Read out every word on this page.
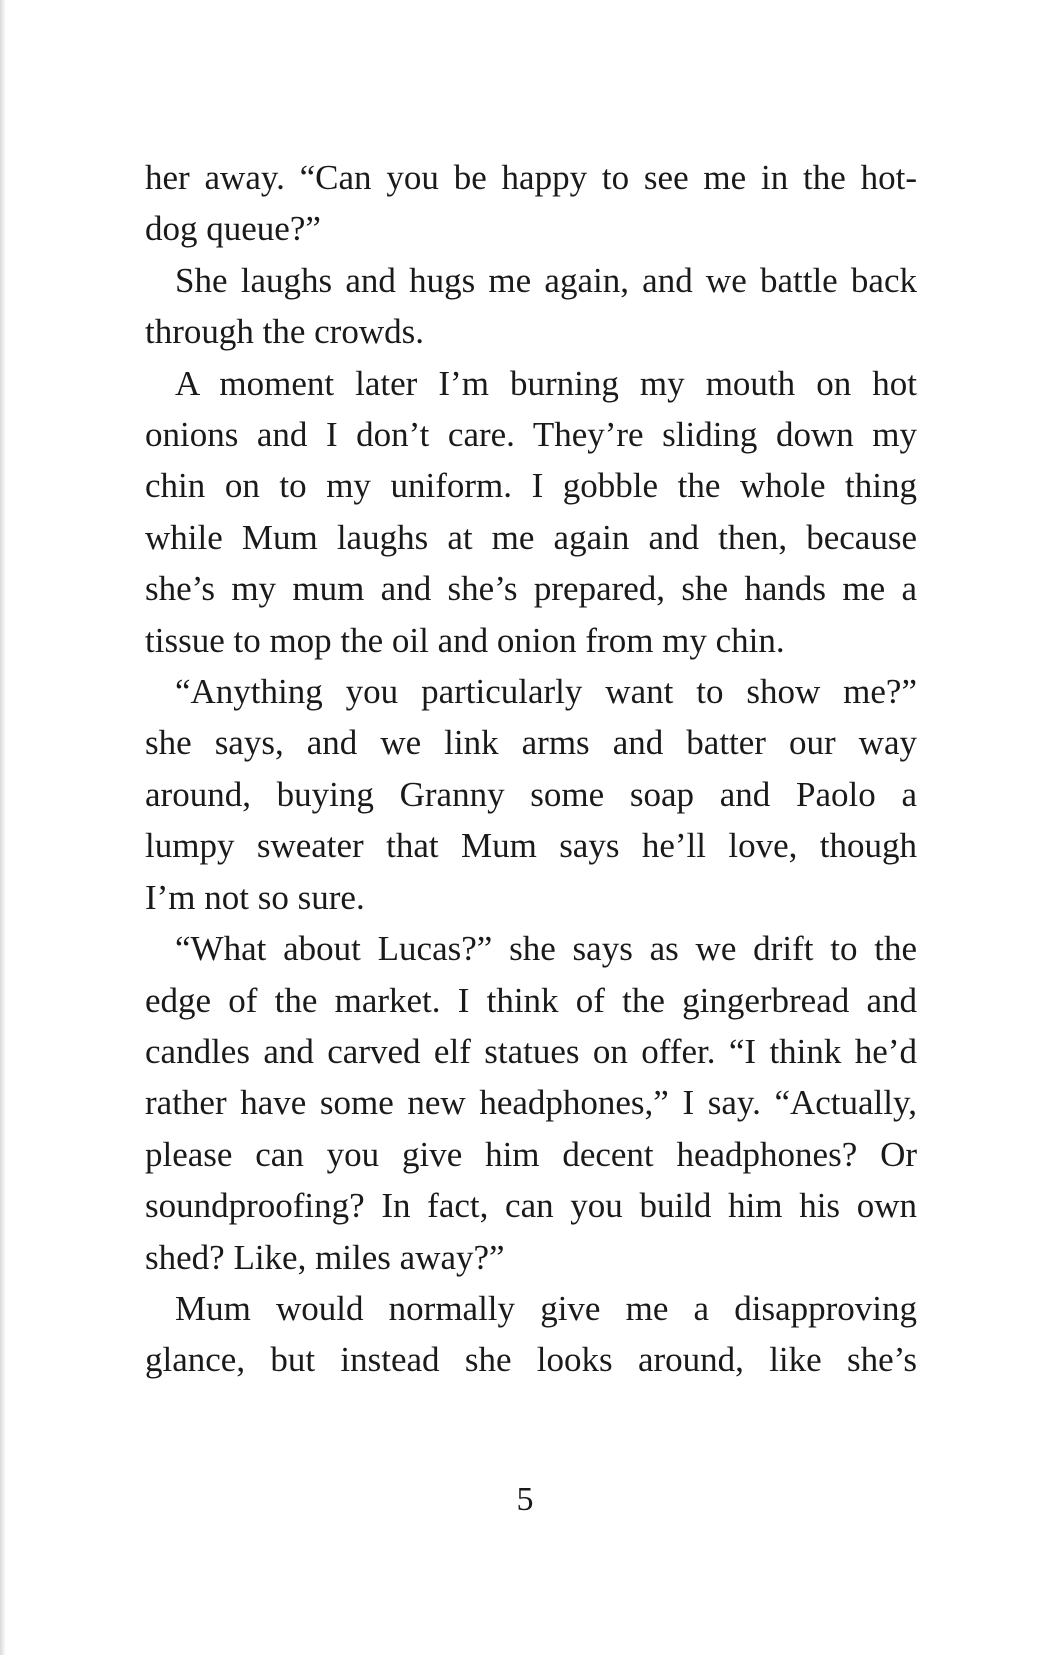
her away. “Can you be happy to see me in the hot-

dog queue?”

She laughs and hugs me again, and we battle back

through the crowds.

A moment later I’m burning my mouth on hot

onions and I don’t care. They’re sliding down my

chin on to my uniform. I gobble the whole thing

while Mum laughs at me again and then, because

she’s my mum and she’s prepared, she hands me a

tissue to mop the oil and onion from my chin.

“Anything you particularly want to show me?”

she says, and we link arms and batter our way

around, buying Granny some soap and Paolo a

lumpy sweater that Mum says he’ll love, though

I’m not so sure.

“What about Lucas?” she says as we drift to the

edge of the market. I think of the gingerbread and

candles and carved elf statues on offer. “I think he’d

rather have some new headphones,” I say. “Actually,

please can you give him decent headphones? Or

soundproofing? In fact, can you build him his own

shed? Like, miles away?”

Mum would normally give me a disapproving

glance, but instead she looks around, like she’s

5
